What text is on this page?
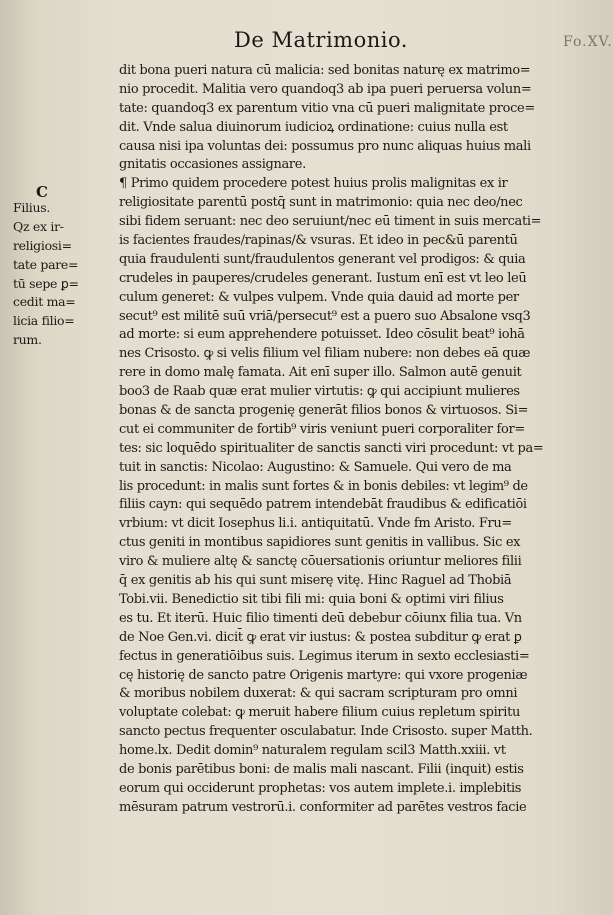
Fo.XV.
De Matrimonio.
C
Filius.
Qz ex ir-
religiosi=
tate pare=
tū sepe ꝑ=
cedit ma=
licia filio=
rum.
dit bona pueri natura cū malicia: sed bonitas naturę ex matrimo=
nio procedit. Malitia vero quandoq3 ab ipa pueri peruersa volun=
tate: quandoq3 ex parentum vitio vna cū pueri malignitate proce=
dit. Vnde salua diuinorum iudicioꝝ ordinatione: cuius nulla est
causa nisi ipa voluntas dei: possumus pro nunc aliquas huius mali
gnitatis occasiones assignare.
¶ Primo quidem procedere potest huius prolis malignitas ex ir
religiositate parentū postq̄ sunt in matrimonio: quia nec deo/nec
sibi fidem seruant: nec deo seruiunt/nec eū timent in suis mercati=
is facientes fraudes/rapinas/& vsuras. Et ideo in pec&ū parentū
quia fraudulenti sunt/fraudulentos generant vel prodigos: & quia
crudeles in pauperes/crudeles generant. Iustum enī est vt leo leū
culum generet: & vulpes vulpem. Vnde quia dauid ad morte per
secut⁹ est militē suū vriā/persecut⁹ est a puero suo Absalone vsq3
ad morte: si eum apprehendere potuisset. Ideo cōsulit beat⁹ iohā
nes Crisosto. ꝙ si velis filium vel filiam nubere: non debes eā quæ
rere in domo malę famata. Ait enī super illo. Salmon autē genuit
boo3 de Raab quæ erat mulier virtutis: ꝙ qui accipiunt mulieres
bonas & de sancta progenię generāt filios bonos & virtuosos. Si=
cut ei communiter de fortib⁹ viris veniunt pueri corporaliter for=
tes: sic loquēdo spiritualiter de sanctis sancti viri procedunt: vt pa=
tuit in sanctis: Nicolao: Augustino: & Samuele. Qui vero de ma
lis procedunt: in malis sunt fortes & in bonis debiles: vt legim⁹ de
filiis cayn: qui sequēdo patrem intendebāt fraudibus & edificatiōi
vrbium: vt dicit Iosephus li.i. antiquitatū. Vnde fm Aristo. Fru=
ctus geniti in montibus sapidiores sunt genitis in vallibus. Sic ex
viro & muliere altę & sanctę cōuersationis oriuntur meliores filii
q̄ ex genitis ab his qui sunt miserę vitę. Hinc Raguel ad Thobiā
Tobi.vii. Benedictio sit tibi fili mi: quia boni & optimi viri filius
es tu. Et iterū. Huic filio timenti deū debebur cōiunx filia tua. Vn
de Noe Gen.vi. dicit̄ ꝙ erat vir iustus: & postea subditur ꝙ erat ꝑ
fectus in generatiōibus suis. Legimus iterum in sexto ecclesiasti=
cę historię de sancto patre Origenis martyre: qui vxore progeniæ
& moribus nobilem duxerat: & qui sacram scripturam pro omni
voluptate colebat: ꝙ meruit habere filium cuius repletum spiritu
sancto pectus frequenter osculabatur. Inde Crisosto. super Matth.
home.lx. Dedit domin⁹ naturalem regulam scil3 Matth.xxiii. vt
de bonis parētibus boni: de malis mali nascant. Filii (inquit) estis
eorum qui occiderunt prophetas: vos autem implete.i. implebitis
mēsuram patrum vestrorū.i. conformiter ad parētes vestros facie
